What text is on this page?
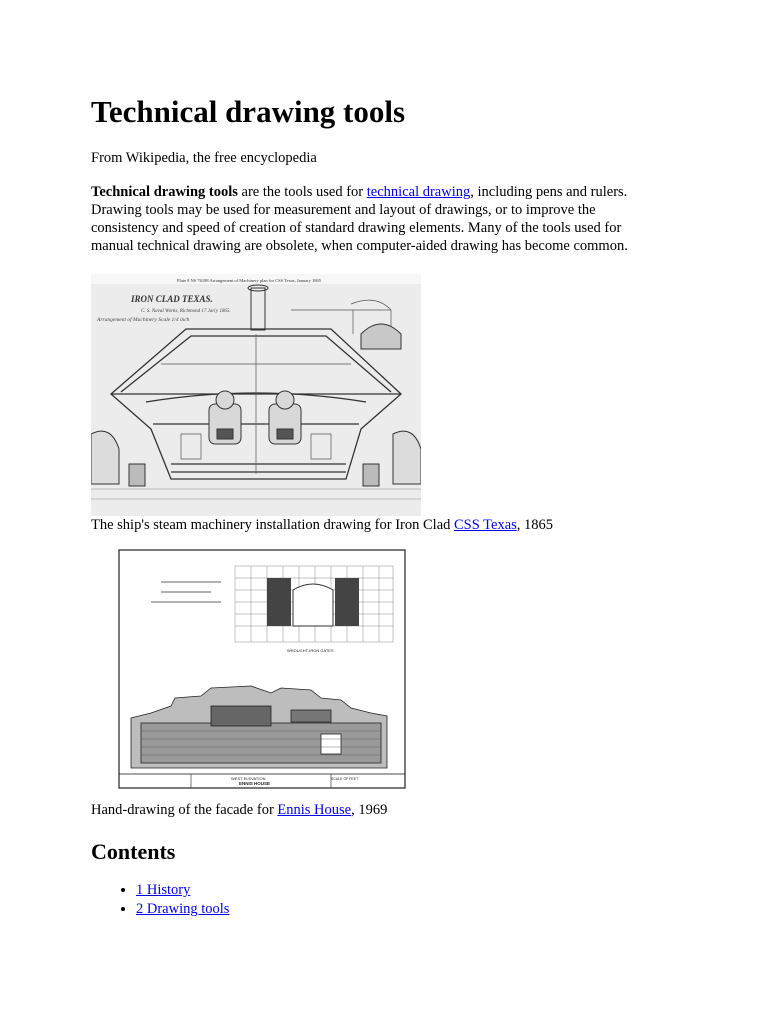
Technical drawing tools

From Wikipedia, the free encyclopedia

Technical drawing tools are the tools used for technical drawing, including pens and rulers. Drawing tools may be used for measurement and layout of drawings, or to improve the consistency and speed of creation of standard drawing elements. Many of the tools used for manual technical drawing are obsolete, when computer-aided drawing has become common.

Plate 8 NS 76188 Arrangement of Machinery plan for CSS Texas, January 1865
IRON CLAD TEXAS.
C. S. Naval Works, Richmond 17 Jan'y 1865.
Arrangement of Machinery Scale 1/4 inch

The ship's steam machinery installation drawing for Iron Clad CSS Texas, 1865

WROUGHT-IRON GATES
WEST ELEVATION	SCALE OF FEET
ENNIS HOUSE

Hand-drawing of the facade for Ennis House, 1969

Contents
• 1 History
• 2 Drawing tools
